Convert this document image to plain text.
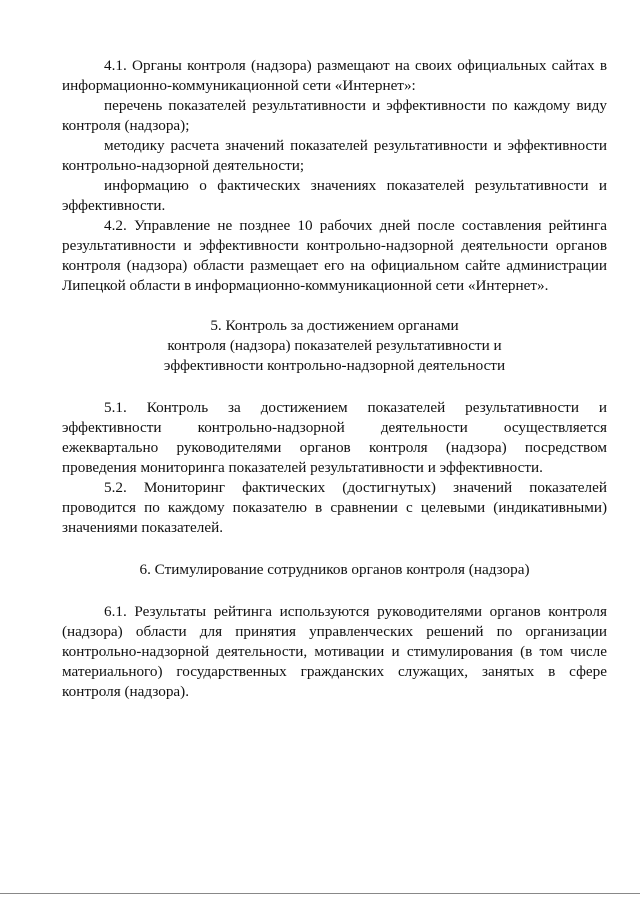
4.1. Органы контроля (надзора) размещают на своих официальных сайтах в информационно-коммуникационной сети «Интернет»:

перечень показателей результативности и эффективности по каждому виду контроля (надзора);

методику расчета значений показателей результативности и эффективности контрольно-надзорной деятельности;

информацию о фактических значениях показателей результативности и эффективности.

4.2. Управление не позднее 10 рабочих дней после составления рейтинга результативности и эффективности контрольно-надзорной деятельности органов контроля (надзора) области размещает его на официальном сайте администрации Липецкой области в информационно-коммуникационной сети «Интернет».

5. Контроль за достижением органами

контроля (надзора) показателей результативности и

эффективности контрольно-надзорной деятельности

5.1. Контроль за достижением показателей результативности и эффективности контрольно-надзорной деятельности осуществляется ежеквартально руководителями органов контроля (надзора) посредством проведения мониторинга показателей результативности и эффективности.

5.2. Мониторинг фактических (достигнутых) значений показателей проводится по каждому показателю в сравнении с целевыми (индикативными) значениями показателей.

6. Стимулирование сотрудников органов контроля (надзора)

6.1. Результаты рейтинга используются руководителями органов контроля (надзора) области для принятия управленческих решений по организации контрольно-надзорной деятельности, мотивации и стимулирования (в том числе материального) государственных гражданских служащих, занятых в сфере контроля (надзора).
